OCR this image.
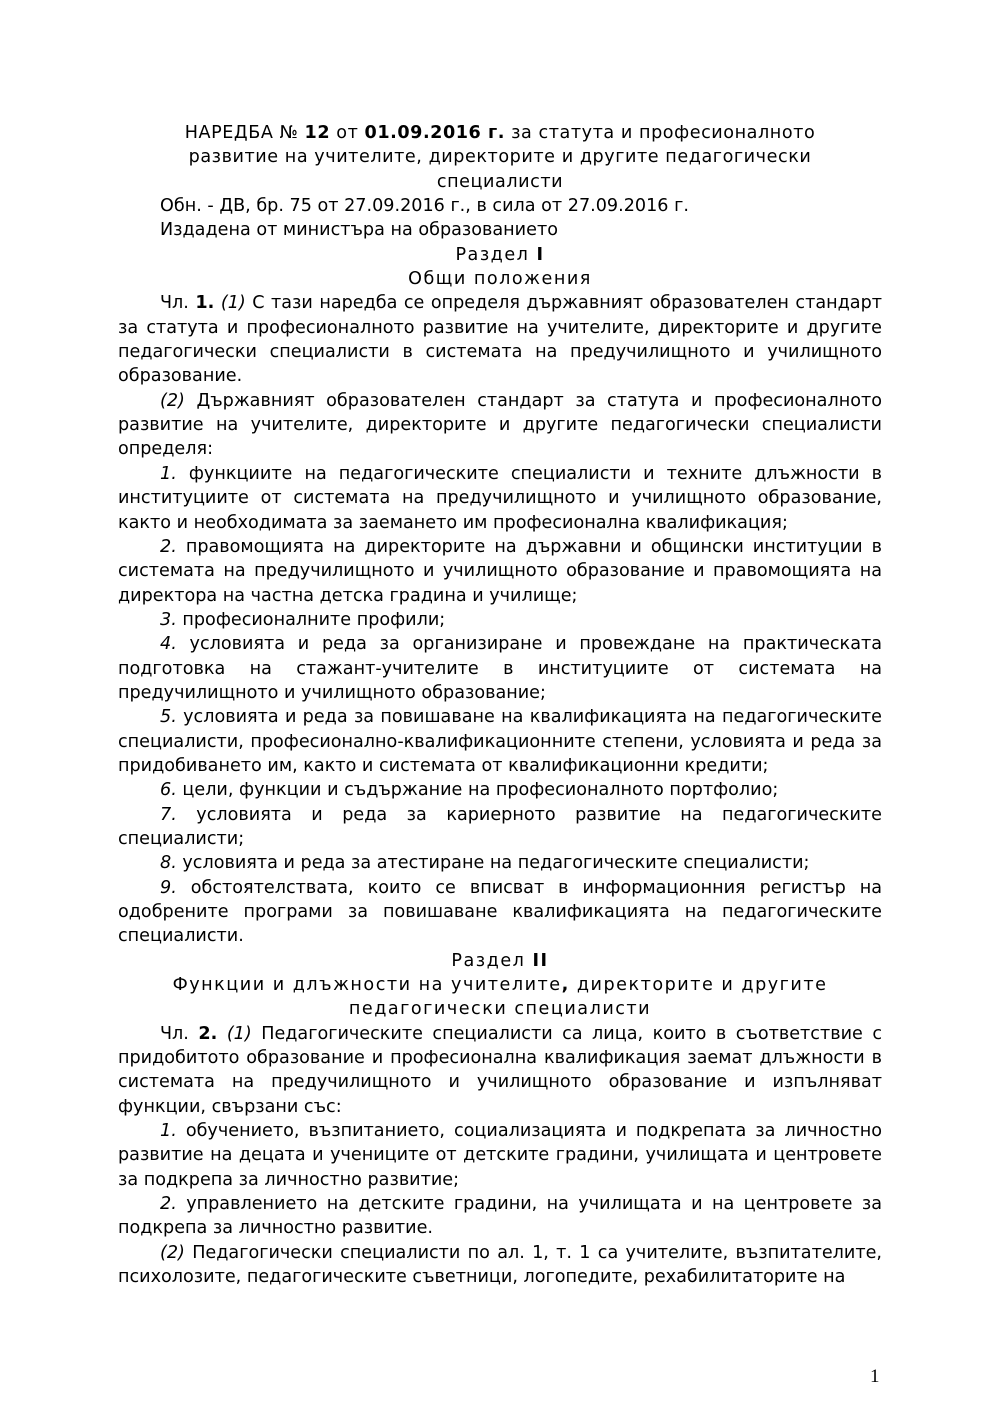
НАРЕДБА № 12 от 01.09.2016 г. за статута и професионалното
развитие на учителите, директорите и другите педагогически
специалисти
Обн. - ДВ, бр. 75 от 27.09.2016 г., в сила от 27.09.2016 г.
Издадена от министъра на образованието
Раздел I
Общи положения

Чл. 1. (1) С тази наредба се определя държавният образователен стандарт за статута и професионалното развитие на учителите, директорите и другите педагогически специалисти в системата на предучилищното и училищното образование.

(2) Държавният образователен стандарт за статута и професионалното развитие на учителите, директорите и другите педагогически специалисти определя:

1. функциите на педагогическите специалисти и техните длъжности в институциите от системата на предучилищното и училищното образование, както и необходимата за заемането им професионална квалификация;

2. правомощията на директорите на държавни и общински институции в системата на предучилищното и училищното образование и правомощията на директора на частна детска градина и училище;

3. професионалните профили;

4. условията и реда за организиране и провеждане на практическата подготовка на стажант-учителите в институциите от системата на предучилищното и училищното образование;

5. условията и реда за повишаване на квалификацията на педагогическите специалисти, професионално-квалификационните степени, условията и реда за придобиването им, както и системата от квалификационни кредити;

6. цели, функции и съдържание на професионалното портфолио;

7. условията и реда за кариерното развитие на педагогическите специалисти;

8. условията и реда за атестиране на педагогическите специалисти;

9. обстоятелствата, които се вписват в информационния регистър на одобрените програми за повишаване квалификацията на педагогическите специалисти.

Раздел II
Функции и длъжности на учителите, директорите и другите
педагогически специалисти

Чл. 2. (1) Педагогическите специалисти са лица, които в съответствие с придобитото образование и професионална квалификация заемат длъжности в системата на предучилищното и училищното образование и изпълняват функции, свързани със:

1. обучението, възпитанието, социализацията и подкрепата за личностно развитие на децата и учениците от детските градини, училищата и центровете за подкрепа за личностно развитие;

2. управлението на детските градини, на училищата и на центровете за подкрепа за личностно развитие.

(2) Педагогически специалисти по ал. 1, т. 1 са учителите, възпитателите, психолозите, педагогическите съветници, логопедите, рехабилитаторите на

1
